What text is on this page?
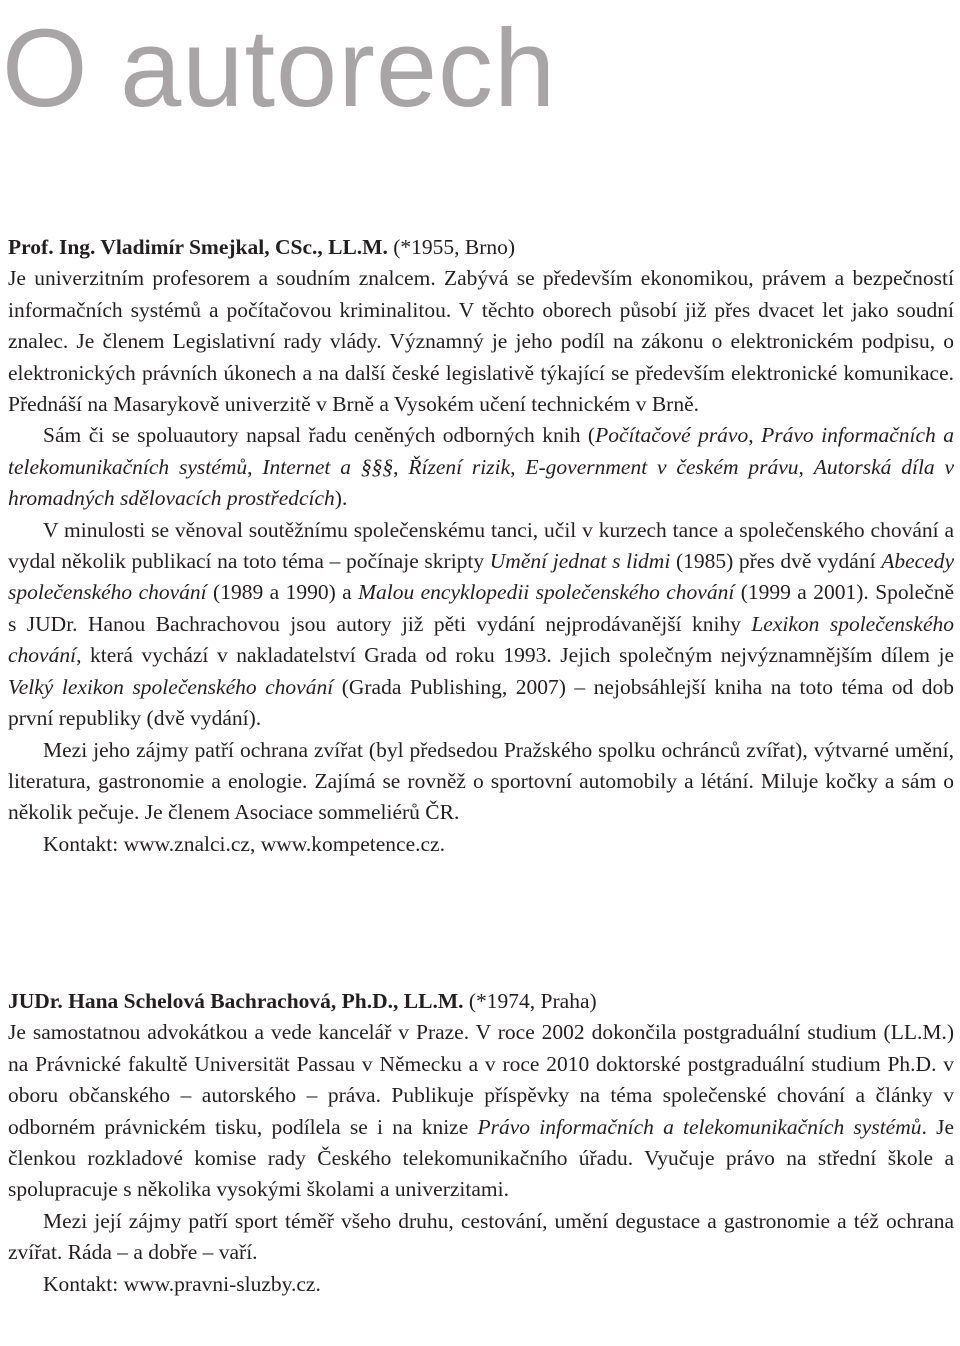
O autorech

Prof. Ing. Vladimír Smejkal, CSc., LL.M. (*1955, Brno)

Je univerzitním profesorem a soudním znalcem. Zabývá se především ekonomikou, právem a bezpečností informačních systémů a počítačovou kriminalitou. V těchto oborech působí již přes dvacet let jako soudní znalec. Je členem Legislativní rady vlády. Významný je jeho podíl na zákonu o elektronickém podpisu, o elektronických právních úkonech a na další české legislativě týkající se především elektronické komunikace. Přednáší na Masarykově univerzitě v Brně a Vysokém učení technickém v Brně.

Sám či se spoluautory napsal řadu ceněných odborných knih (Počítačové právo, Právo informačních a telekomunikačních systémů, Internet a §§§, Řízení rizik, E-government v českém právu, Autorská díla v hromadných sdělovacích prostředcích).

V minulosti se věnoval soutěžnímu společenskému tanci, učil v kurzech tance a společenského chování a vydal několik publikací na toto téma – počínaje skripty Umění jednat s lidmi (1985) přes dvě vydání Abecedy společenského chování (1989 a 1990) a Malou encyklopedii společenského chování (1999 a 2001). Společně s JUDr. Hanou Bachrachovou jsou autory již pěti vydání nejprodávanější knihy Lexikon společenského chování, která vychází v nakladatelství Grada od roku 1993. Jejich společným nejvýznamnějším dílem je Velký lexikon společenského chování (Grada Publishing, 2007) – nejobsáhlejší kniha na toto téma od dob první republiky (dvě vydání).

Mezi jeho zájmy patří ochrana zvířat (byl předsedou Pražského spolku ochránců zvířat), výtvarné umění, literatura, gastronomie a enologie. Zajímá se rovněž o sportovní automobily a létání. Miluje kočky a sám o několik pečuje. Je členem Asociace sommeliérů ČR.

Kontakt: www.znalci.cz, www.kompetence.cz.

JUDr. Hana Schelová Bachrachová, Ph.D., LL.M. (*1974, Praha)

Je samostatnou advokátkou a vede kancelář v Praze. V roce 2002 dokončila postgraduální studium (LL.M.) na Právnické fakultě Universität Passau v Německu a v roce 2010 doktorské postgraduální studium Ph.D. v oboru občanského – autorského – práva. Publikuje příspěvky na téma společenské chování a články v odborném právnickém tisku, podílela se i na knize Právo informačních a telekomunikačních systémů. Je členkou rozkladové komise rady Českého telekomunikačního úřadu. Vyučuje právo na střední škole a spolupracuje s několika vysokými školami a univerzitami.

Mezi její zájmy patří sport téměř všeho druhu, cestování, umění degustace a gastronomie a též ochrana zvířat. Ráda – a dobře – vaří.

Kontakt: www.pravni-sluzby.cz.
